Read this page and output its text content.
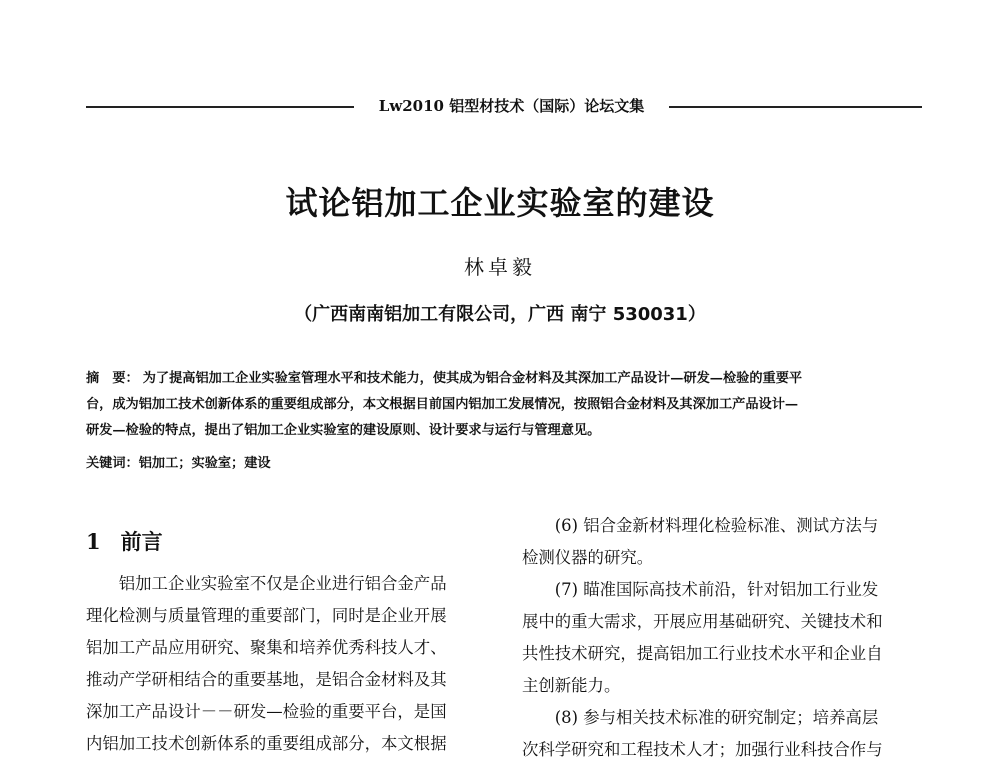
Lw2010 铝型材技术（国际）论坛文集
试论铝加工企业实验室的建设
林卓毅
（广西南南铝加工有限公司，广西 南宁 530031）
摘　要： 为了提高铝加工企业实验室管理水平和技术能力，使其成为铝合金材料及其深加工产品设计—研发—检验的重要平
台，成为铝加工技术创新体系的重要组成部分，本文根据目前国内铝加工发展情况，按照铝合金材料及其深加工产品设计—
研发—检验的特点，提出了铝加工企业实验室的建设原则、设计要求与运行与管理意见。
关键词：铝加工；实验室；建设
1 前言
　　铝加工企业实验室不仅是企业进行铝合金产品
理化检测与质量管理的重要部门，同时是企业开展
铝加工产品应用研究、聚集和培养优秀科技人才、
推动产学研相结合的重要基地，是铝合金材料及其
深加工产品设计－－研发—检验的重要平台，是国
内铝加工技术创新体系的重要组成部分，本文根据
　　(6) 铝合金新材料理化检验标准、测试方法与
检测仪器的研究。
　　(7) 瞄准国际高技术前沿，针对铝加工行业发
展中的重大需求，开展应用基础研究、关键技术和
共性技术研究，提高铝加工行业技术水平和企业自
主创新能力。
　　(8) 参与相关技术标准的研究制定；培养高层
次科学研究和工程技术人才；加强行业科技合作与
